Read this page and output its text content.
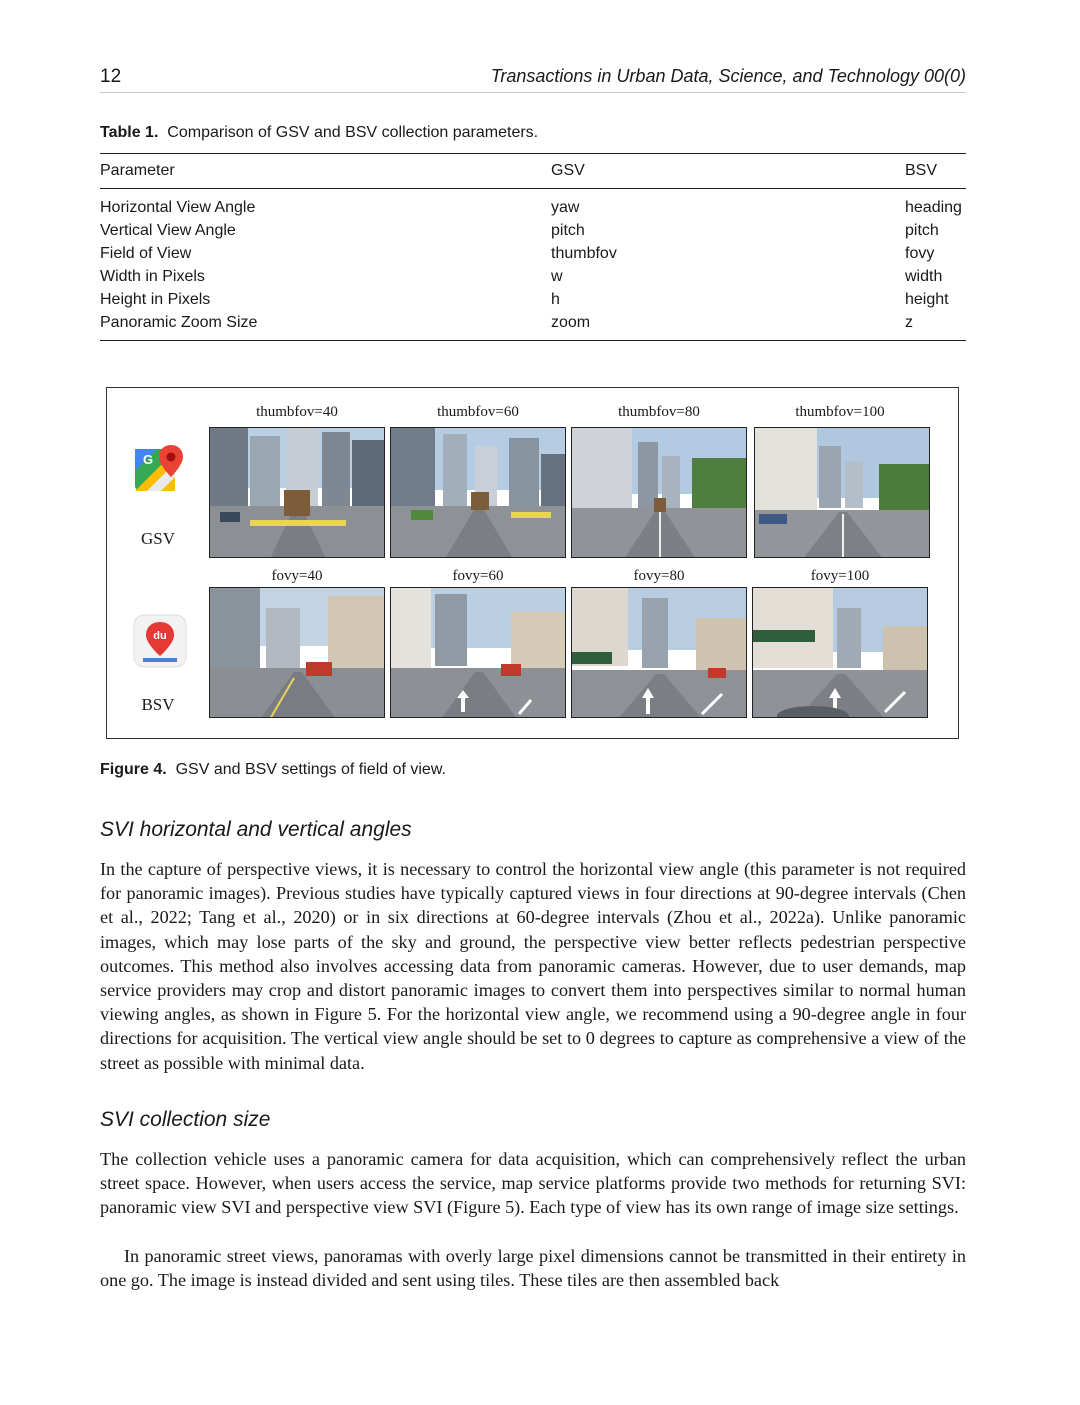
12	Transactions in Urban Data, Science, and Technology 00(0)
Table 1. Comparison of GSV and BSV collection parameters.
Parameter	GSV	BSV
Horizontal View Angle	yaw	heading
Vertical View Angle	pitch	pitch
Field of View	thumbfov	fovy
Width in Pixels	w	width
Height in Pixels	h	height
Panoramic Zoom Size	zoom	z
thumbfov=40	thumbfov=60	thumbfov=80	thumbfov=100
G
GSV
fovy=40	fovy=60	fovy=80	fovy=100
du
BSV
Figure 4. GSV and BSV settings of field of view.
SVI horizontal and vertical angles

In the capture of perspective views, it is necessary to control the horizontal view angle (this parameter is not required for panoramic images). Previous studies have typically captured views in four directions at 90-degree intervals (Chen et al., 2022; Tang et al., 2020) or in six directions at 60-degree intervals (Zhou et al., 2022a). Unlike panoramic images, which may lose parts of the sky and ground, the perspective view better reflects pedestrian perspective outcomes. This method also involves accessing data from panoramic cameras. However, due to user demands, map service providers may crop and distort panoramic images to convert them into perspectives similar to normal human viewing angles, as shown in Figure 5. For the horizontal view angle, we recommend using a 90-degree angle in four directions for acquisition. The vertical view angle should be set to 0 degrees to capture as comprehensive a view of the street as possible with minimal data.

SVI collection size

The collection vehicle uses a panoramic camera for data acquisition, which can comprehensively reflect the urban street space. However, when users access the service, map service platforms provide two methods for returning SVI: panoramic view SVI and perspective view SVI (Figure 5). Each type of view has its own range of image size settings.

In panoramic street views, panoramas with overly large pixel dimensions cannot be transmitted in their entirety in one go. The image is instead divided and sent using tiles. These tiles are then assembled back
